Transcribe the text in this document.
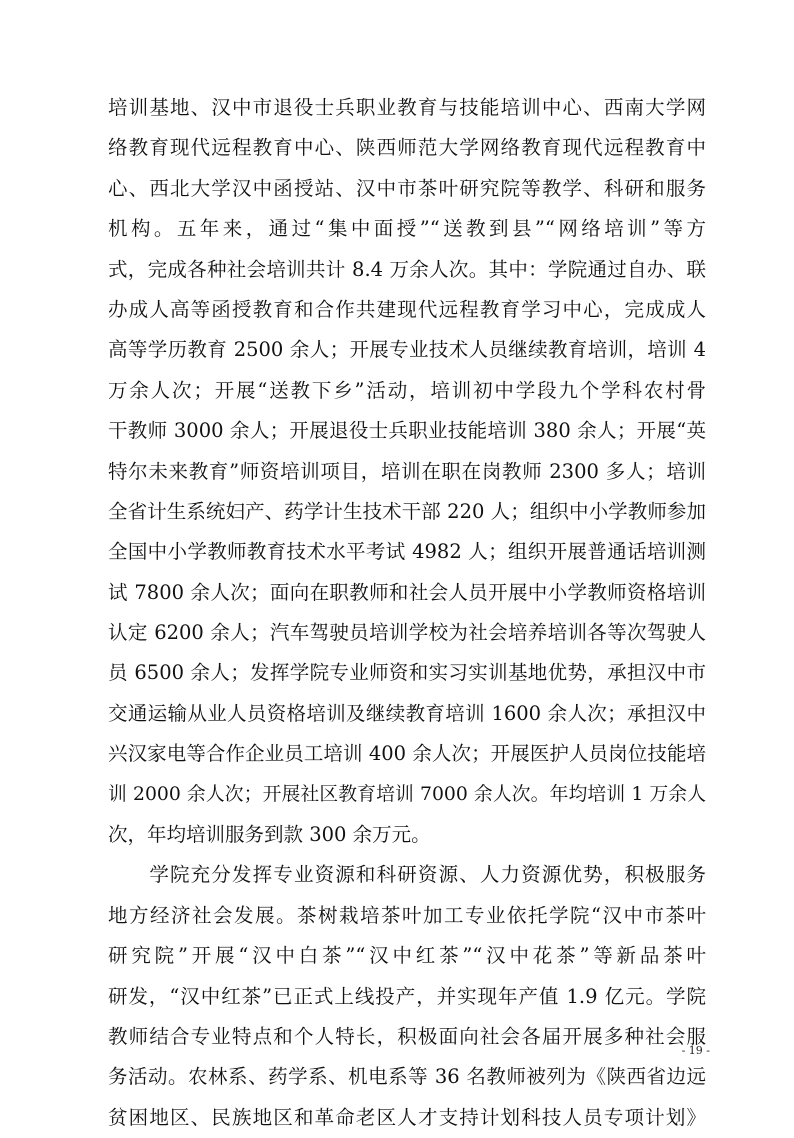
培训基地、汉中市退役士兵职业教育与技能培训中心、西南大学网
络教育现代远程教育中心、陕西师范大学网络教育现代远程教育中
心、西北大学汉中函授站、汉中市茶叶研究院等教学、科研和服务
机构。五年来，通过“集中面授”“送教到县”“网络培训”等方
式，完成各种社会培训共计 8.4 万余人次。其中：学院通过自办、联
办成人高等函授教育和合作共建现代远程教育学习中心，完成成人
高等学历教育 2500 余人；开展专业技术人员继续教育培训，培训 4
万余人次；开展“送教下乡”活动，培训初中学段九个学科农村骨
干教师 3000 余人；开展退役士兵职业技能培训 380 余人；开展“英
特尔未来教育”师资培训项目，培训在职在岗教师 2300 多人；培训
全省计生系统妇产、药学计生技术干部 220 人；组织中小学教师参加
全国中小学教师教育技术水平考试 4982 人；组织开展普通话培训测
试 7800 余人次；面向在职教师和社会人员开展中小学教师资格培训
认定 6200 余人；汽车驾驶员培训学校为社会培养培训各等次驾驶人
员 6500 余人；发挥学院专业师资和实习实训基地优势，承担汉中市
交通运输从业人员资格培训及继续教育培训 1600 余人次；承担汉中
兴汉家电等合作企业员工培训 400 余人次；开展医护人员岗位技能培
训 2000 余人次；开展社区教育培训 7000 余人次。年均培训 1 万余人
次，年均培训服务到款 300 余万元。
　　学院充分发挥专业资源和科研资源、人力资源优势，积极服务
地方经济社会发展。茶树栽培茶叶加工专业依托学院“汉中市茶叶
研究院”开展“汉中白茶”“汉中红茶”“汉中花茶”等新品茶叶
研发，“汉中红茶”已正式上线投产，并实现年产值 1.9 亿元。学院
教师结合专业特点和个人特长，积极面向社会各届开展多种社会服
务活动。农林系、药学系、机电系等 36 名教师被列为《陕西省边远
贫困地区、民族地区和革命老区人才支持计划科技人员专项计划》
- 19 -
